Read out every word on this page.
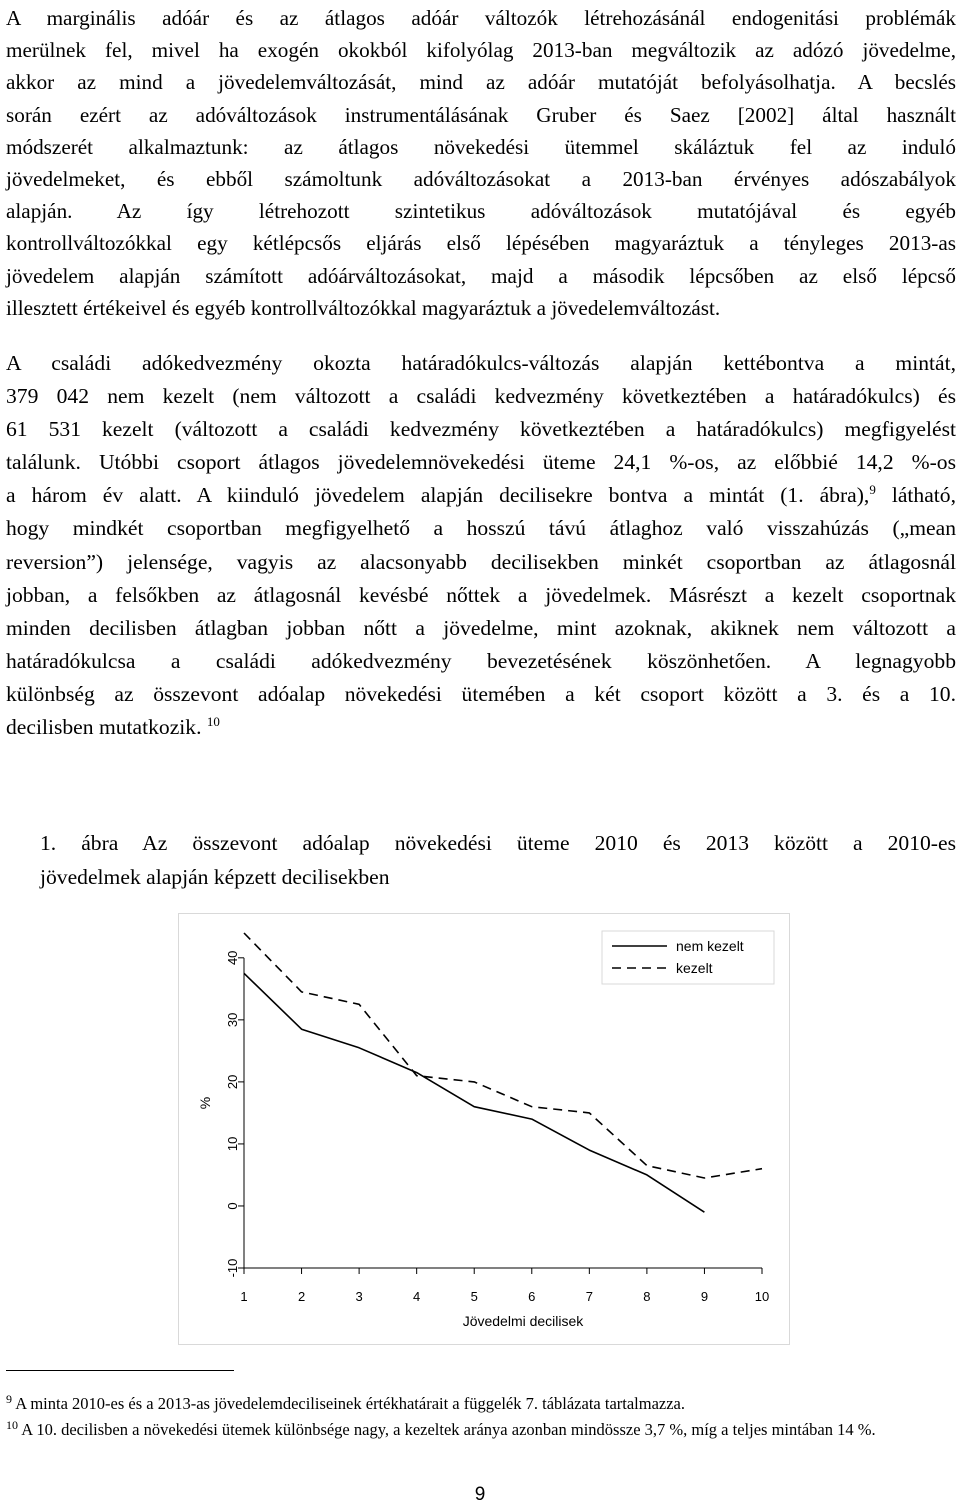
A marginális adóár és az átlagos adóár változók létrehozásánál endogenitási problémák
merülnek fel, mivel ha exogén okokból kifolyólag 2013-ban megváltozik az adózó jövedelme,
akkor az mind a jövedelemváltozását, mind az adóár mutatóját befolyásolhatja. A becslés
során ezért az adóváltozások instrumentálásának Gruber és Saez [2002] által használt
módszerét alkalmaztunk: az átlagos növekedési ütemmel skáláztuk fel az induló
jövedelmeket, és ebből számoltunk adóváltozásokat a 2013-ban érvényes adószabályok
alapján. Az így létrehozott szintetikus adóváltozások mutatójával és egyéb
kontrollváltozókkal egy kétlépcsős eljárás első lépésében magyaráztuk a tényleges 2013-as
jövedelem alapján számított adóárváltozásokat, majd a második lépcsőben az első lépcső
illesztett értékeivel és egyéb kontrollváltozókkal magyaráztuk a jövedelemváltozást.
A családi adókedvezmény okozta határadókulcs-változás alapján kettébontva a mintát,
379 042 nem kezelt (nem változott a családi kedvezmény következtében a határadókulcs) és
61 531 kezelt (változott a családi kedvezmény következtében a határadókulcs) megfigyelést
találunk. Utóbbi csoport átlagos jövedelemnövekedési üteme 24,1 %-os, az előbbié 14,2 %-os
a három év alatt. A kiinduló jövedelem alapján decilisekre bontva a mintát (1. ábra),$^9$ látható,
hogy mindkét csoportban megfigyelhető a hosszú távú átlaghoz való visszahúzás („mean
reversion”) jelensége, vagyis az alacsonyabb decilisekben minkét csoportban az átlagosnál
jobban, a felsőkben az átlagosnál kevésbé nőttek a jövedelmek. Másrészt a kezelt csoportnak
minden decilisben átlagban jobban nőtt a jövedelme, mint azoknak, akiknek nem változott a
határadókulcsa a családi adókedvezmény bevezetésének köszönhetően. A legnagyobb
különbség az összevont adóalap növekedési ütemében a két csoport között a 3. és a 10.
decilisben mutatkozik. $^{10}$
1. ábra Az összevont adóalap növekedési üteme 2010 és 2013 között a 2010-es
jövedelmek alapján képzett decilisekben
-10
0
10
20
30
40
%
1	2	3	4	5	6	7	8	9	10
Jövedelmi decilisek
nem kezelt
kezelt

$^9$ A minta 2010-es és a 2013-as jövedelemdeciliseinek értékhatárait a függelék 7. táblázata tartalmazza.

$^{10}$ A 10. decilisben a növekedési ütemek különbsége nagy, a kezeltek aránya azonban mindössze 3,7 %, míg a teljes mintában 14 %.

9
